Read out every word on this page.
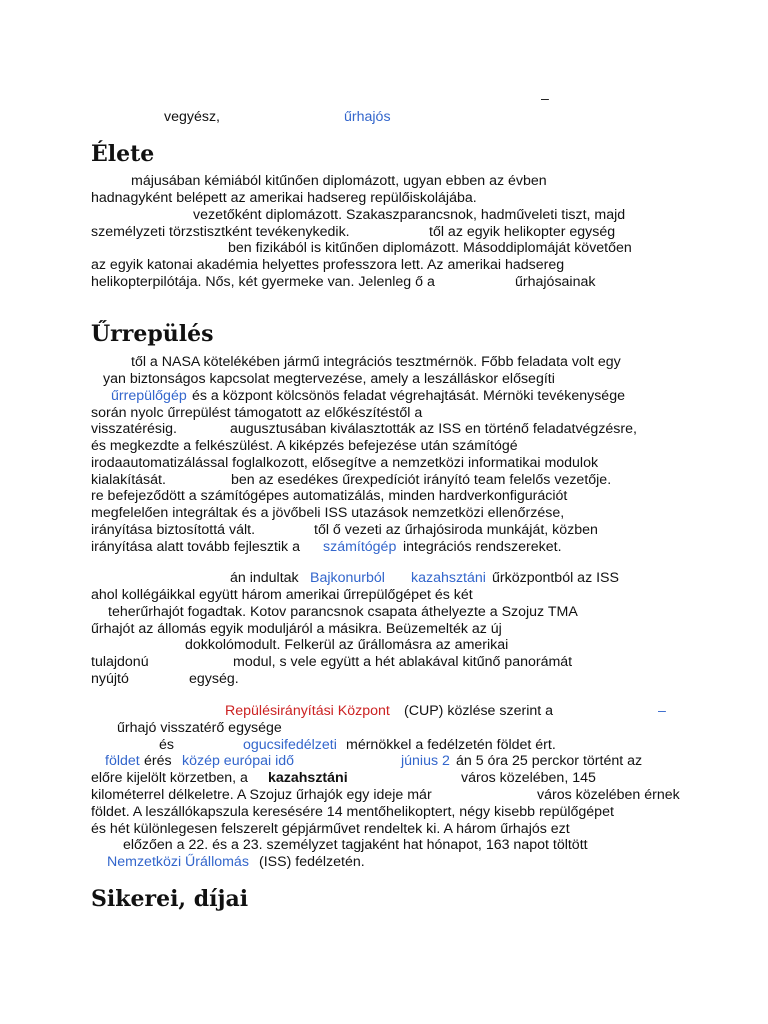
–
vegyész,	űrhajós
Élete
májusában kémiából kitűnően diplomázott, ugyan ebben az évben
hadnagyként belépett az amerikai hadsereg repülőiskolájába.
vezetőként diplomázott. Szakaszparancsnok, hadműveleti tiszt, majd
személyzeti törzstisztként tevékenykedik.	től az egyik helikopter egység
ben fizikából is kitűnően diplomázott. Másoddiplomáját követően
az egyik katonai akadémia helyettes professzora lett. Az amerikai hadsereg
helikopterpilótája. Nős, két gyermeke van. Jelenleg ő a	űrhajósainak
Űrrepülés
től a NASA kötelékében jármű integrációs tesztmérnök. Főbb feladata volt egy
yan biztonságos kapcsolat megtervezése, amely a leszálláskor elősegíti
űrrepülőgép és a központ kölcsönös feladat végrehajtását. Mérnöki tevékenysége
során nyolc űrrepülést támogatott az előkészítéstől a
visszatérésig.	augusztusában kiválasztották az ISS en történő feladatvégzésre,
és megkezdte a felkészülést. A kiképzés befejezése után számítógé
irodaautomatizálással foglalkozott, elősegítve a nemzetközi informatikai modulok
kialakítását.	ben az esedékes űrexpedíciót irányító team felelős vezetője.
re befejeződött a számítógépes automatizálás, minden hardverkonfigurációt
megfelelően integráltak és a jövőbeli ISS utazások nemzetközi ellenőrzése,
irányítása biztosítottá vált.	től ő vezeti az űrhajósiroda munkáját, közben
irányítása alatt tovább fejlesztik a számítógép integrációs rendszereket.
án indultak Bajkonurból kazahsztáni űrközpontból az ISS
ahol kollégáikkal együtt három amerikai űrrepülőgépet és két
teherűrhajót fogadtak. Kotov parancsnok csapata áthelyezte a Szojuz TMA
űrhajót az állomás egyik moduljáról a másikra. Beüzemelték az új
dokkolómodult. Felkerül az űrállomásra az amerikai
tulajdonú	modul, s vele együtt a hét ablakával kitűnő panorámát
nyújtó	egység.
Repülésirányítási Központ (CUP) közlése szerint a	–
űrhajó visszatérő egysége
és	ogucsifedélzeti mérnökkel a fedélzetén földet ért.
földet érés közép európai idő	június 2 án 5 óra 25 perckor történt az
előre kijelölt körzetben, a kazahsztáni	város közelében, 145
kilométerrel délkeletre. A Szojuz űrhajók egy ideje már	város közelében érnek
földet. A leszállókapszula keresésére 14 mentőhelikoptert, négy kisebb repülőgépet
és hét különlegesen felszerelt gépjárművet rendeltek ki. A három űrhajós ezt
előzően a 22. és a 23. személyzet tagjaként hat hónapot, 163 napot töltött
Nemzetközi Űrállomás (ISS) fedélzetén.
Sikerei, díjai
